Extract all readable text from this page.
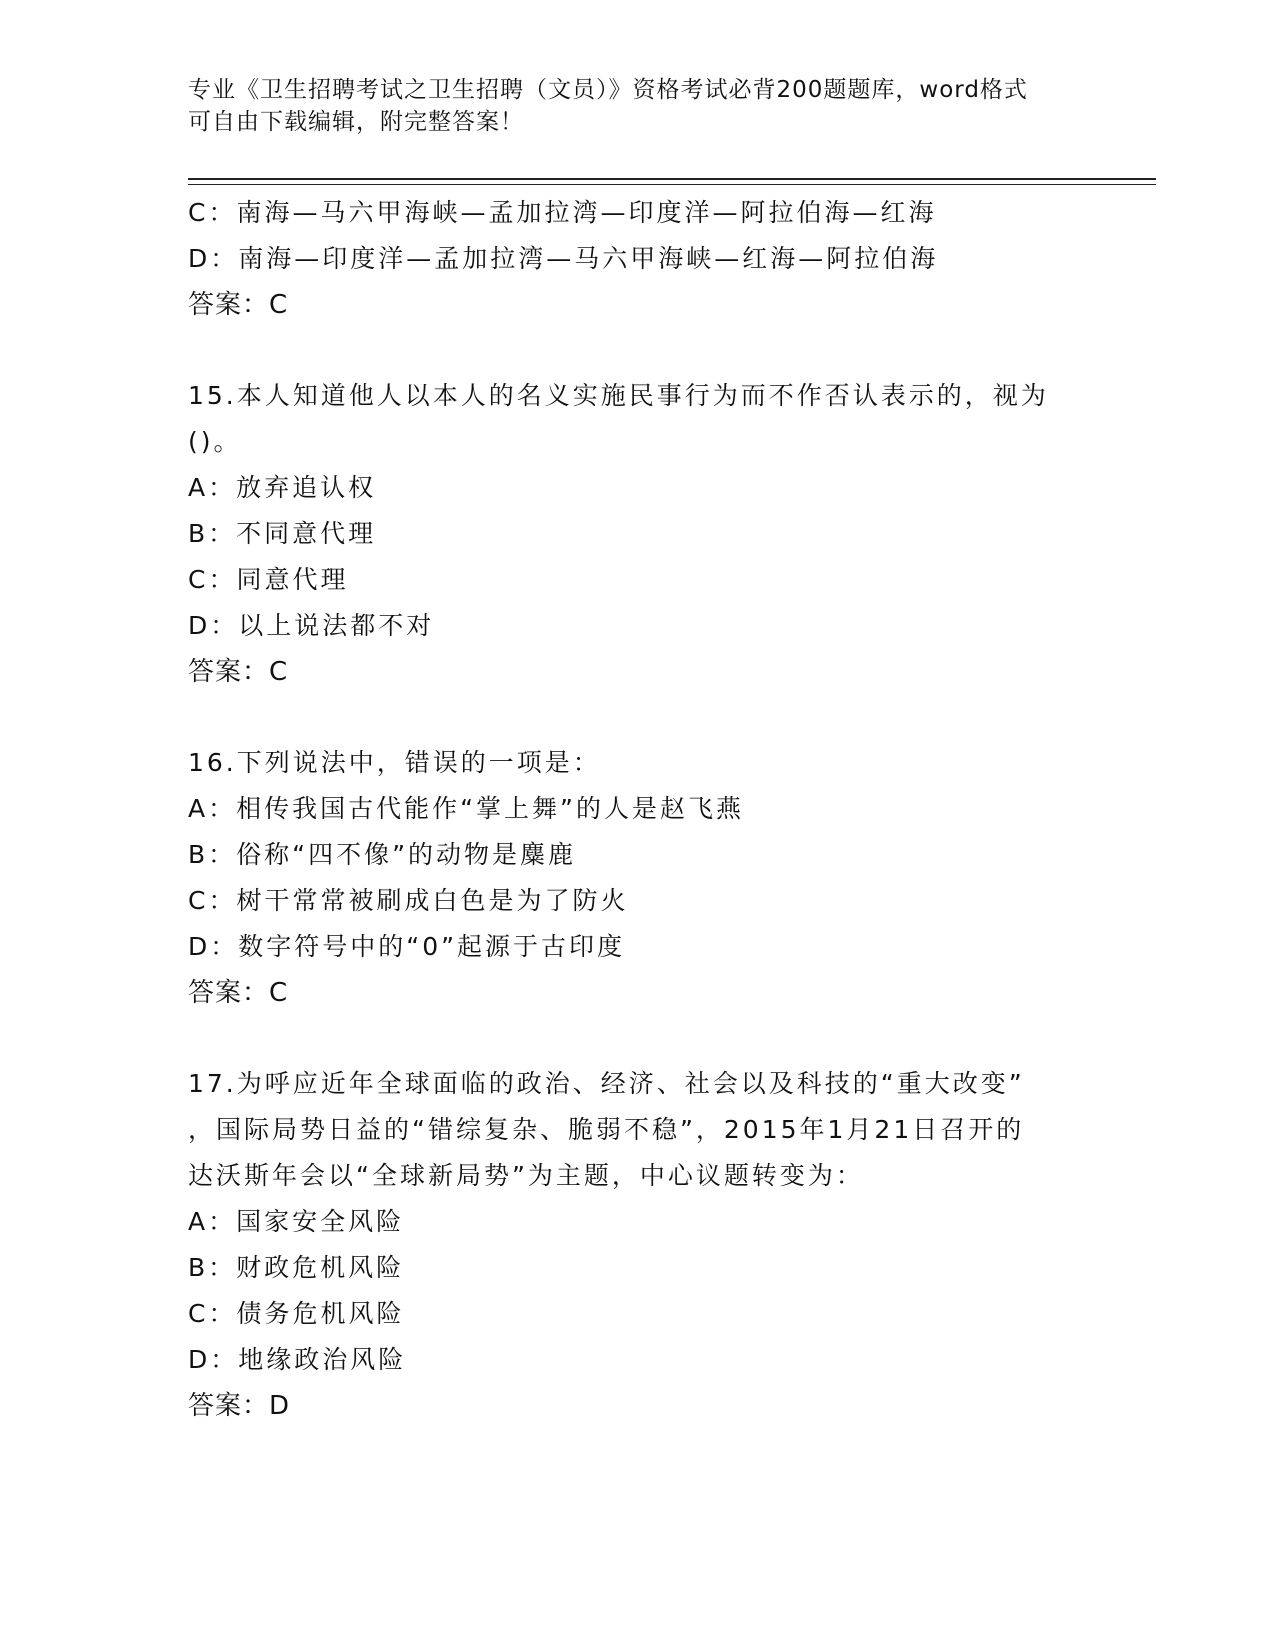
专业《卫生招聘考试之卫生招聘（文员）》资格考试必背200题题库，word格式
可自由下载编辑，附完整答案！

C：南海—马六甲海峡—孟加拉湾—印度洋—阿拉伯海—红海

D：南海—印度洋—孟加拉湾—马六甲海峡—红海—阿拉伯海

答案：C

15.本人知道他人以本人的名义实施民事行为而不作否认表示的，视为

()。

A：放弃追认权

B：不同意代理

C：同意代理

D：以上说法都不对

答案：C

16.下列说法中，错误的一项是：

A：相传我国古代能作“掌上舞”的人是赵飞燕

B：俗称“四不像”的动物是麋鹿

C：树干常常被刷成白色是为了防火

D：数字符号中的“0”起源于古印度

答案：C

17.为呼应近年全球面临的政治、经济、社会以及科技的“重大改变”

，国际局势日益的“错综复杂、脆弱不稳”，2015年1月21日召开的

达沃斯年会以“全球新局势”为主题，中心议题转变为：

A：国家安全风险

B：财政危机风险

C：债务危机风险

D：地缘政治风险

答案：D
